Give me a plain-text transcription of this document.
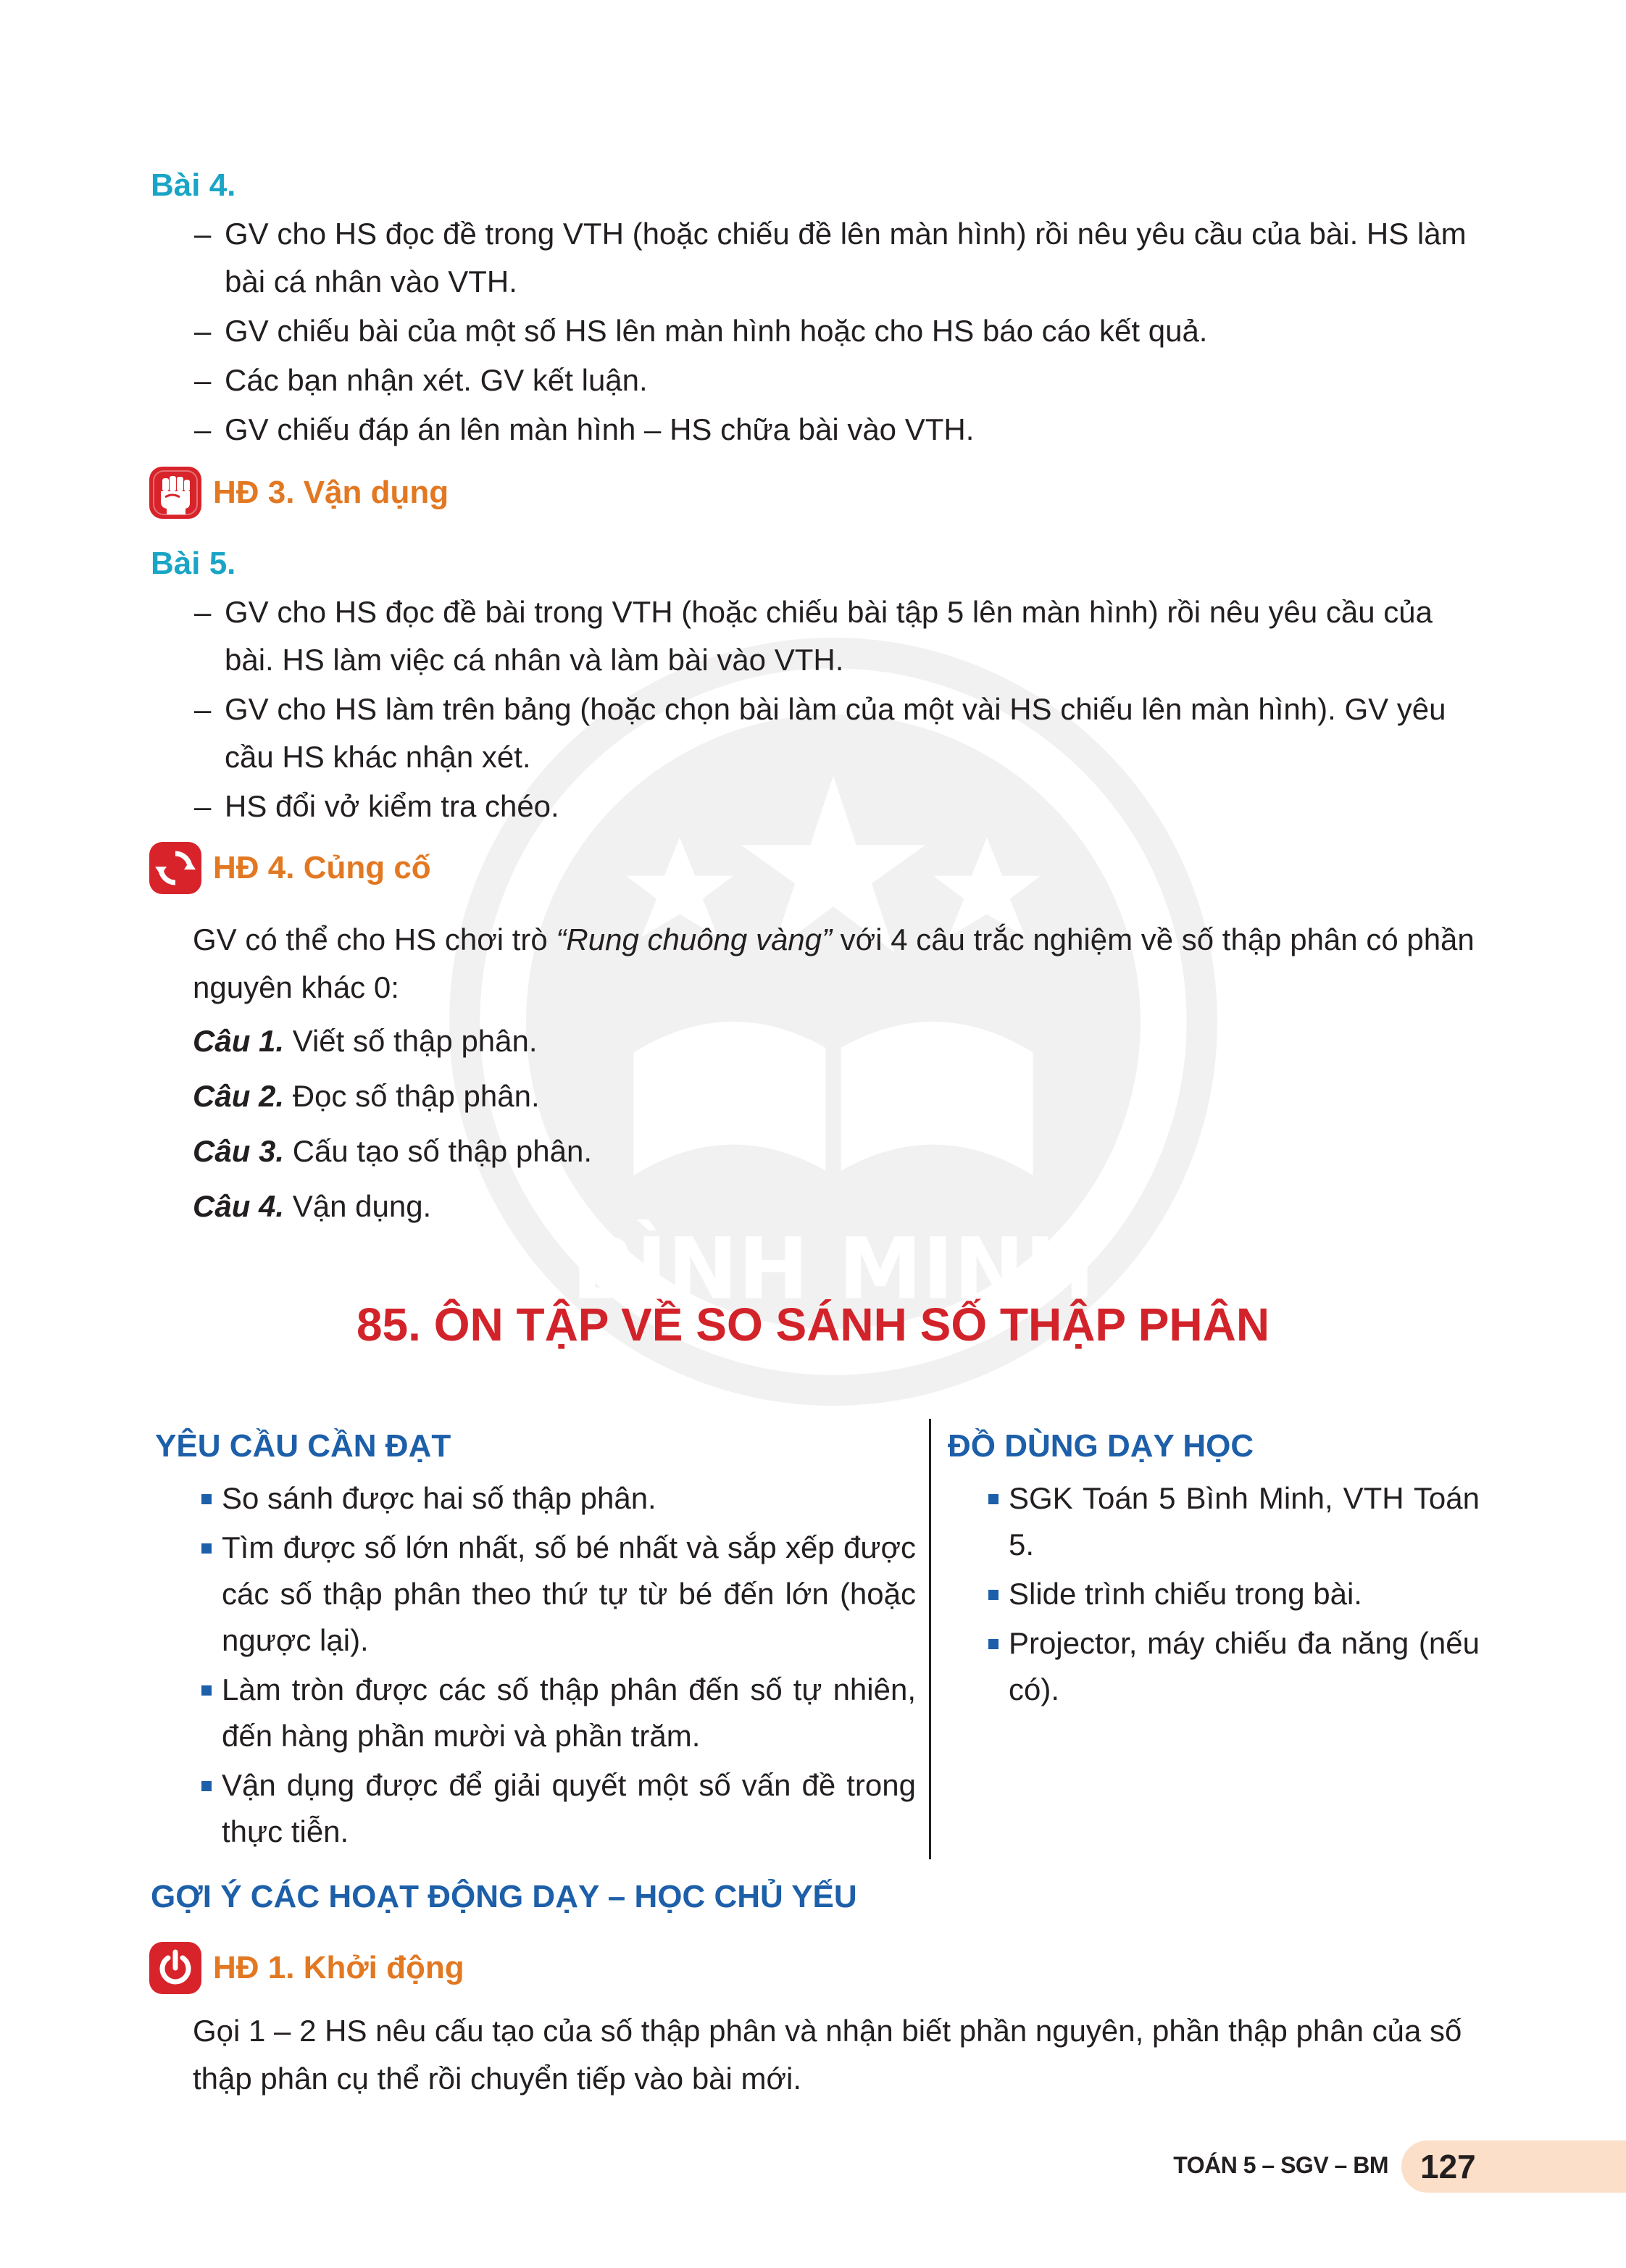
BÌNH MINH
Bài 4.
– GV cho HS đọc đề trong VTH (hoặc chiếu đề lên màn hình) rồi nêu yêu cầu của bài. HS làm bài cá nhân vào VTH.
– GV chiếu bài của một số HS lên màn hình hoặc cho HS báo cáo kết quả.
– Các bạn nhận xét. GV kết luận.
– GV chiếu đáp án lên màn hình – HS chữa bài vào VTH.
HĐ 3. Vận dụng
Bài 5.
– GV cho HS đọc đề bài trong VTH (hoặc chiếu bài tập 5 lên màn hình) rồi nêu yêu cầu của bài. HS làm việc cá nhân và làm bài vào VTH.
– GV cho HS làm trên bảng (hoặc chọn bài làm của một vài HS chiếu lên màn hình). GV yêu cầu HS khác nhận xét.
– HS đổi vở kiểm tra chéo.
HĐ 4. Củng cố

GV có thể cho HS chơi trò “Rung chuông vàng” với 4 câu trắc nghiệm về số thập phân có phần nguyên khác 0:

Câu 1. Viết số thập phân.

Câu 2. Đọc số thập phân.

Câu 3. Cấu tạo số thập phân.

Câu 4. Vận dụng.

85. ÔN TẬP VỀ SO SÁNH SỐ THẬP PHÂN
YÊU CẦU CẦN ĐẠT
So sánh được hai số thập phân.
Tìm được số lớn nhất, số bé nhất và sắp xếp được các số thập phân theo thứ tự từ bé đến lớn (hoặc ngược lại).
Làm tròn được các số thập phân đến số tự nhiên, đến hàng phần mười và phần trăm.
Vận dụng được để giải quyết một số vấn đề trong thực tiễn.
ĐỒ DÙNG DẠY HỌC
SGK Toán 5 Bình Minh, VTH Toán 5.
Slide trình chiếu trong bài.
Projector, máy chiếu đa năng (nếu có).
GỢI Ý CÁC HOẠT ĐỘNG DẠY – HỌC CHỦ YẾU
HĐ 1. Khởi động

Gọi 1 – 2 HS nêu cấu tạo của số thập phân và nhận biết phần nguyên, phần thập phân của số thập phân cụ thể rồi chuyển tiếp vào bài mới.

TOÁN 5 – SGV – BM 127
